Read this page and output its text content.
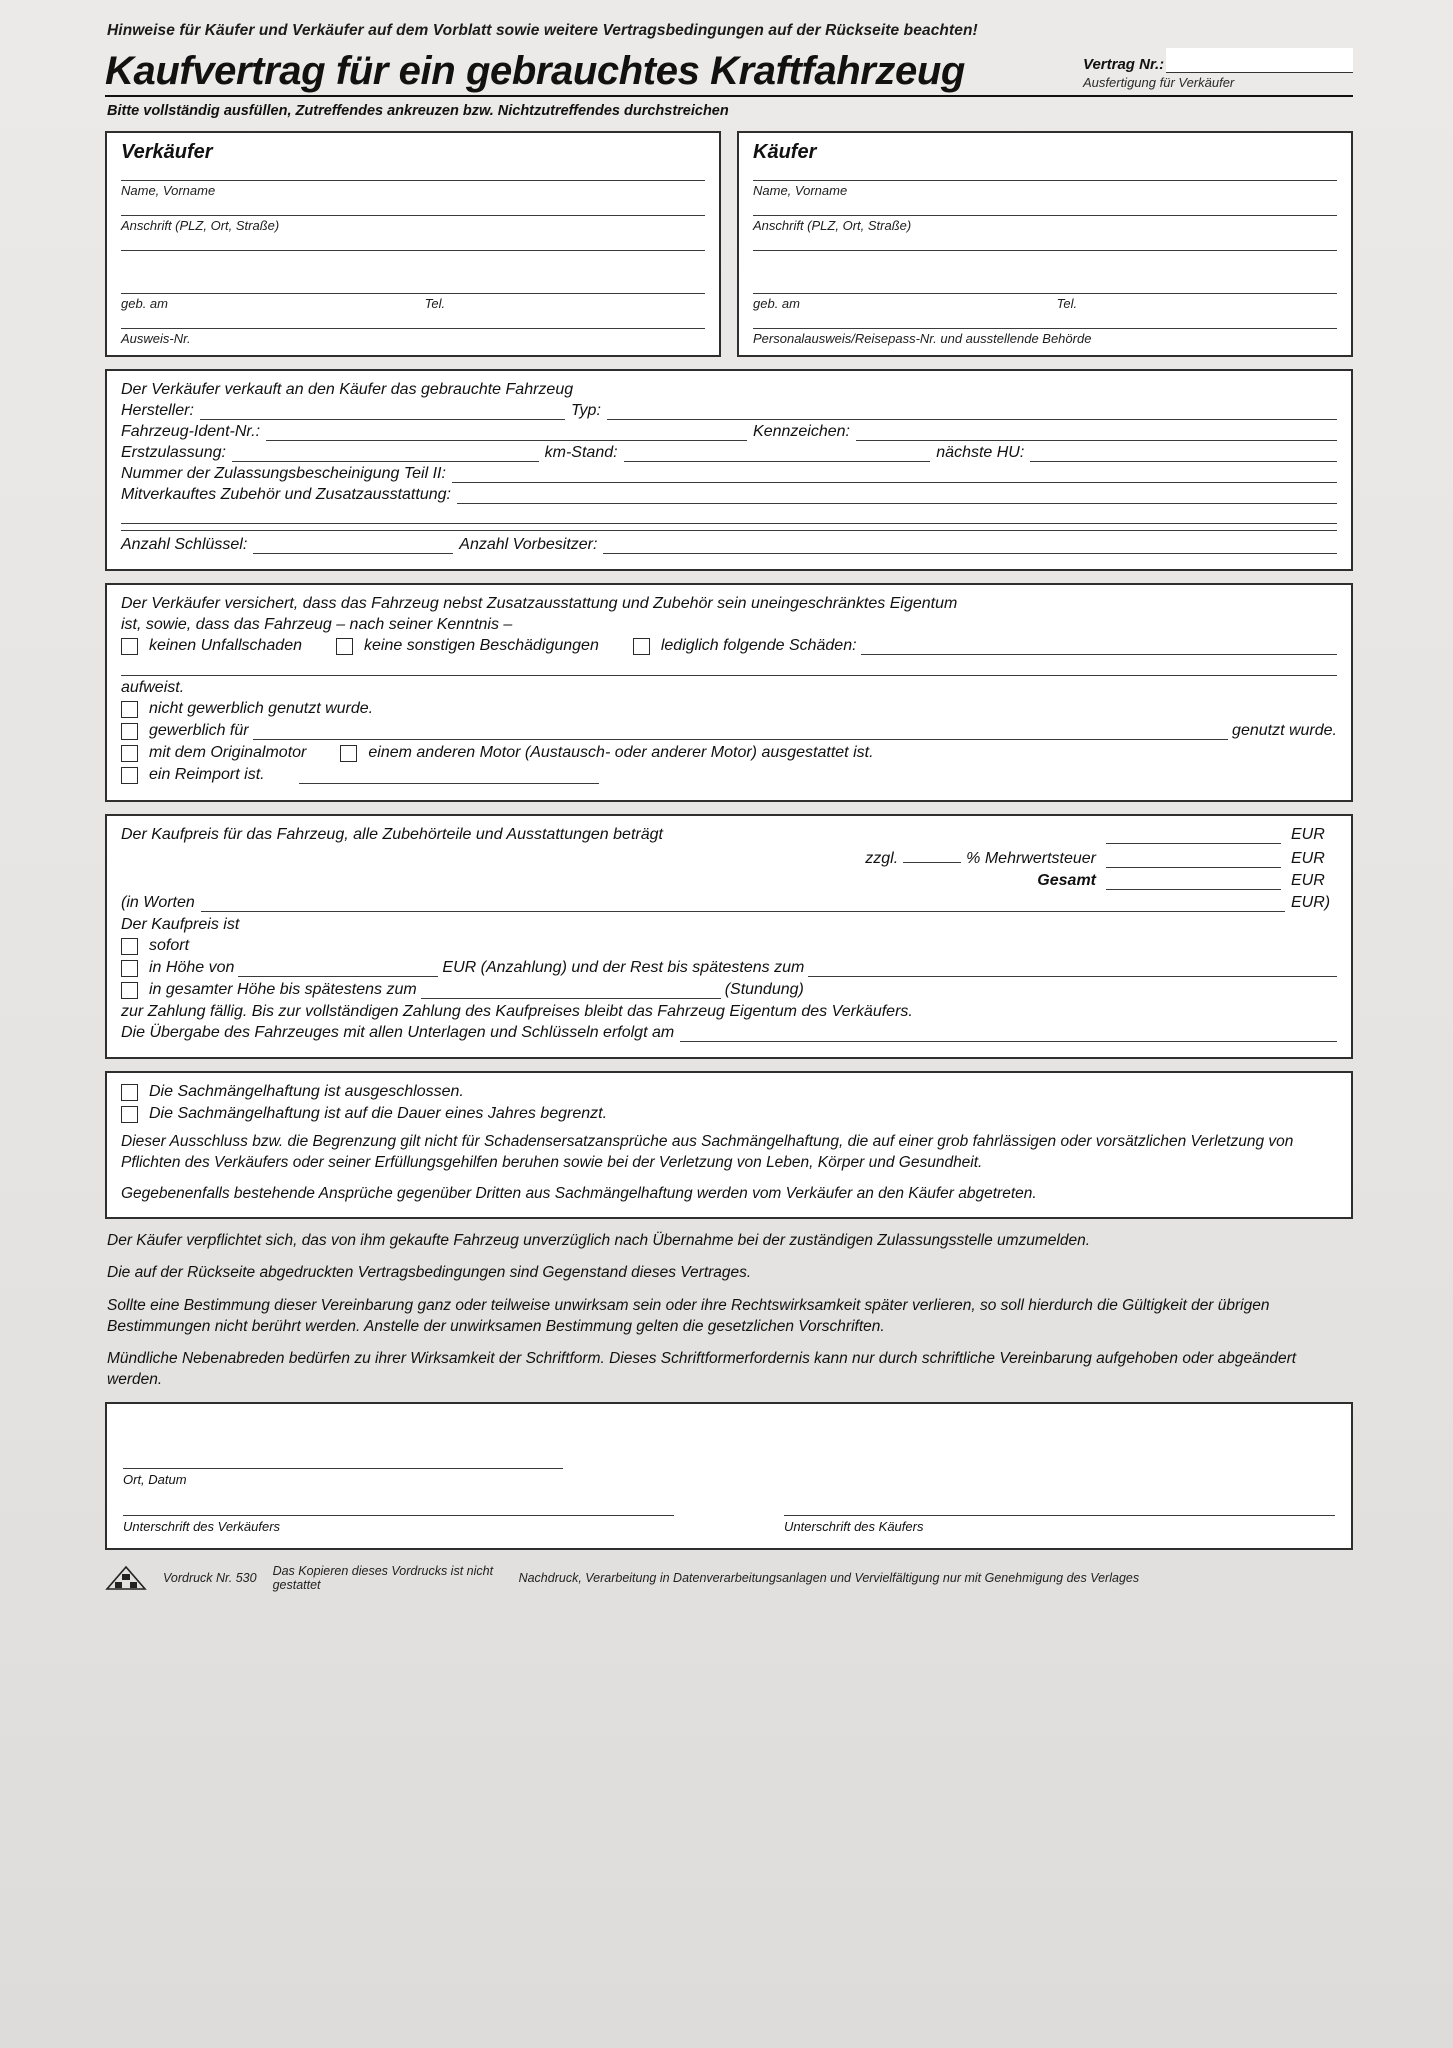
Hinweise für Käufer und Verkäufer auf dem Vorblatt sowie weitere Vertragsbedingungen auf der Rückseite beachten!
Kaufvertrag für ein gebrauchtes Kraftfahrzeug	Vertrag Nr.:
Ausfertigung für Verkäufer
Bitte vollständig ausfüllen, Zutreffendes ankreuzen bzw. Nichtzutreffendes durchstreichen
Verkäufer
Name, Vorname
Anschrift (PLZ, Ort, Straße)
geb. am	Tel.
Ausweis-Nr.
Käufer
Name, Vorname
Anschrift (PLZ, Ort, Straße)
geb. am	Tel.
Personalausweis/Reisepass-Nr. und ausstellende Behörde
Der Verkäufer verkauft an den Käufer das gebrauchte Fahrzeug
Hersteller:	Typ:
Fahrzeug-Ident-Nr.:	Kennzeichen:
Erstzulassung:	km-Stand:	nächste HU:
Nummer der Zulassungsbescheinigung Teil II:
Mitverkauftes Zubehör und Zusatzausstattung:
Anzahl Schlüssel:	Anzahl Vorbesitzer:
Der Verkäufer versichert, dass das Fahrzeug nebst Zusatzausstattung und Zubehör sein uneingeschränktes Eigentum
ist, sowie, dass das Fahrzeug – nach seiner Kenntnis –
keinen Unfallschaden	keine sonstigen Beschädigungen	lediglich folgende Schäden:
aufweist.
nicht gewerblich genutzt wurde.
gewerblich für	genutzt wurde.
mit dem Originalmotor	einem anderen Motor (Austausch- oder anderer Motor) ausgestattet ist.
ein Reimport ist.
Der Kaufpreis für das Fahrzeug, alle Zubehörteile und Ausstattungen beträgt	EUR
zzgl.	% Mehrwertsteuer	EUR
Gesamt	EUR
(in Worten	EUR)
Der Kaufpreis ist
sofort
in Höhe von	EUR (Anzahlung) und der Rest bis spätestens zum
in gesamter Höhe bis spätestens zum	(Stundung)
zur Zahlung fällig. Bis zur vollständigen Zahlung des Kaufpreises bleibt das Fahrzeug Eigentum des Verkäufers.
Die Übergabe des Fahrzeuges mit allen Unterlagen und Schlüsseln erfolgt am
Die Sachmängelhaftung ist ausgeschlossen.
Die Sachmängelhaftung ist auf die Dauer eines Jahres begrenzt.

Dieser Ausschluss bzw. die Begrenzung gilt nicht für Schadensersatzansprüche aus Sachmängelhaftung, die auf einer grob fahrlässigen oder vorsätzlichen Verletzung von Pflichten des Verkäufers oder seiner Erfüllungsgehilfen beruhen sowie bei der Verletzung von Leben, Körper und Gesundheit.

Gegebenenfalls bestehende Ansprüche gegenüber Dritten aus Sachmängelhaftung werden vom Verkäufer an den Käufer abgetreten.

Der Käufer verpflichtet sich, das von ihm gekaufte Fahrzeug unverzüglich nach Übernahme bei der zuständigen Zulassungsstelle umzumelden.
Die auf der Rückseite abgedruckten Vertragsbedingungen sind Gegenstand dieses Vertrages.
Sollte eine Bestimmung dieser Vereinbarung ganz oder teilweise unwirksam sein oder ihre Rechtswirksamkeit später verlieren, so soll hierdurch die Gültigkeit der übrigen Bestimmungen nicht berührt werden. Anstelle der unwirksamen Bestimmung gelten die gesetzlichen Vorschriften.
Mündliche Nebenabreden bedürfen zu ihrer Wirksamkeit der Schriftform. Dieses Schriftformerfordernis kann nur durch schriftliche Vereinbarung aufgehoben oder abgeändert werden.
Ort, Datum
Unterschrift des Verkäufers	Unterschrift des Käufers
Vordruck Nr. 530 Das Kopieren dieses Vordrucks ist nicht gestattet	Nachdruck, Verarbeitung in Datenverarbeitungsanlagen und Vervielfältigung nur mit Genehmigung des Verlages
